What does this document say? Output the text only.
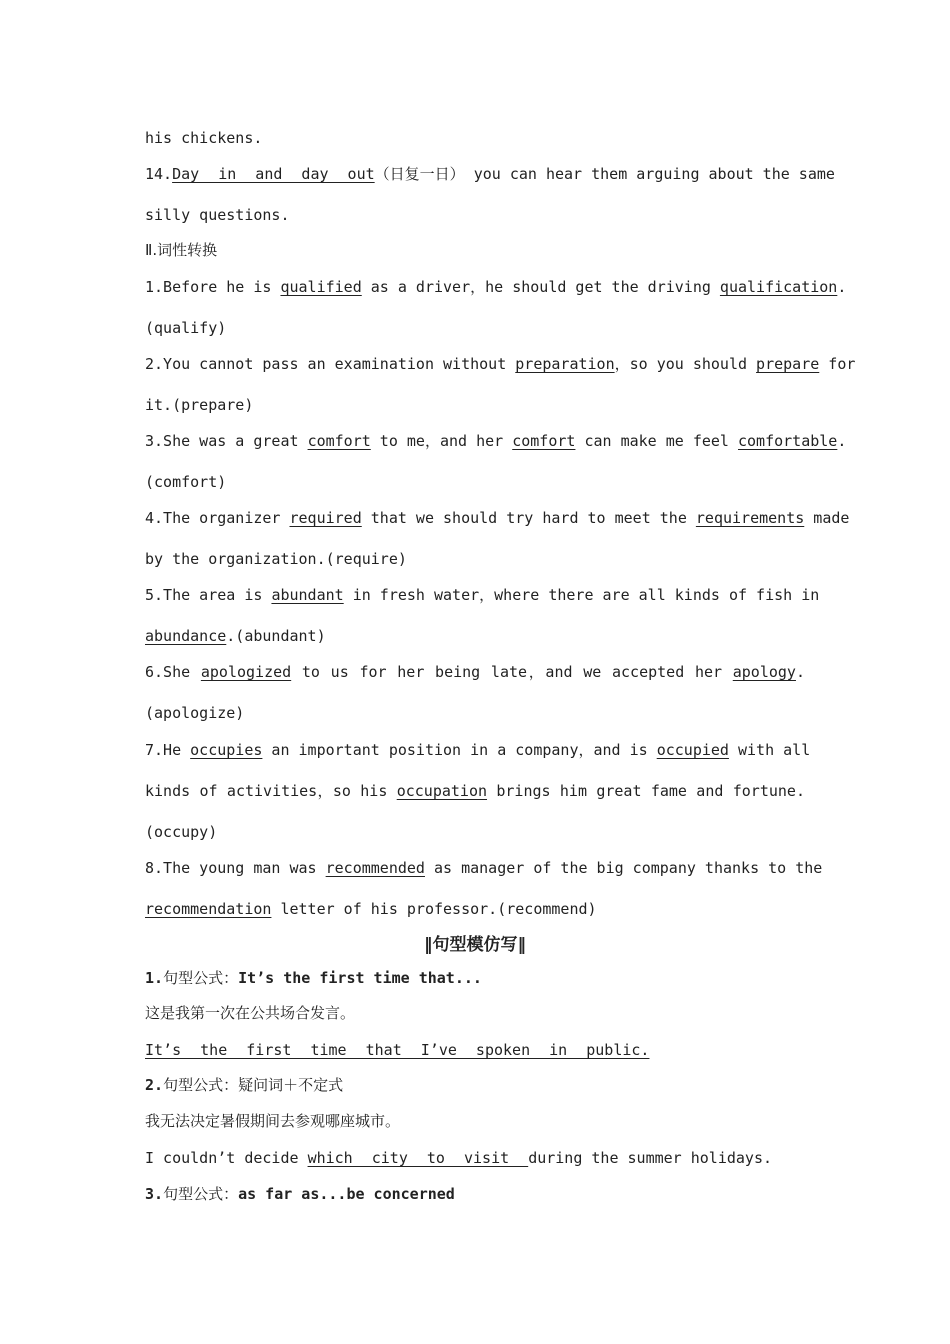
his chickens.
14.Day in and day out（日复一日） you can hear them arguing about the same
silly questions.
Ⅱ.词性转换
1.Before he is qualified as a driver，he should get the driving qualification.
(qualify)
2.You cannot pass an examination without preparation，so you should prepare for
it.(prepare)
3.She was a great comfort to me，and her comfort can make me feel comfortable.
(comfort)
4.The organizer required that we should try hard to meet the requirements made
by the organization.(require)
5.The area is abundant in fresh water，where there are all kinds of fish in
abundance.(abundant)
6.She apologized to us for her being late，and we accepted her apology.
(apologize)
7.He occupies an important position in a company，and is occupied with all
kinds of activities，so his occupation brings him great fame and fortune.
(occupy)
8.The young man was recommended as manager of the big company thanks to the
recommendation letter of his professor.(recommend)
‖句型模仿写‖
1.句型公式：It’s the first time that...
这是我第一次在公共场合发言。
It’s the first time that I’ve spoken in public.
2.句型公式：疑问词＋不定式
我无法决定暑假期间去参观哪座城市。
I couldn’t decide which city to visit during the summer holidays.
3.句型公式：as far as...be concerned
